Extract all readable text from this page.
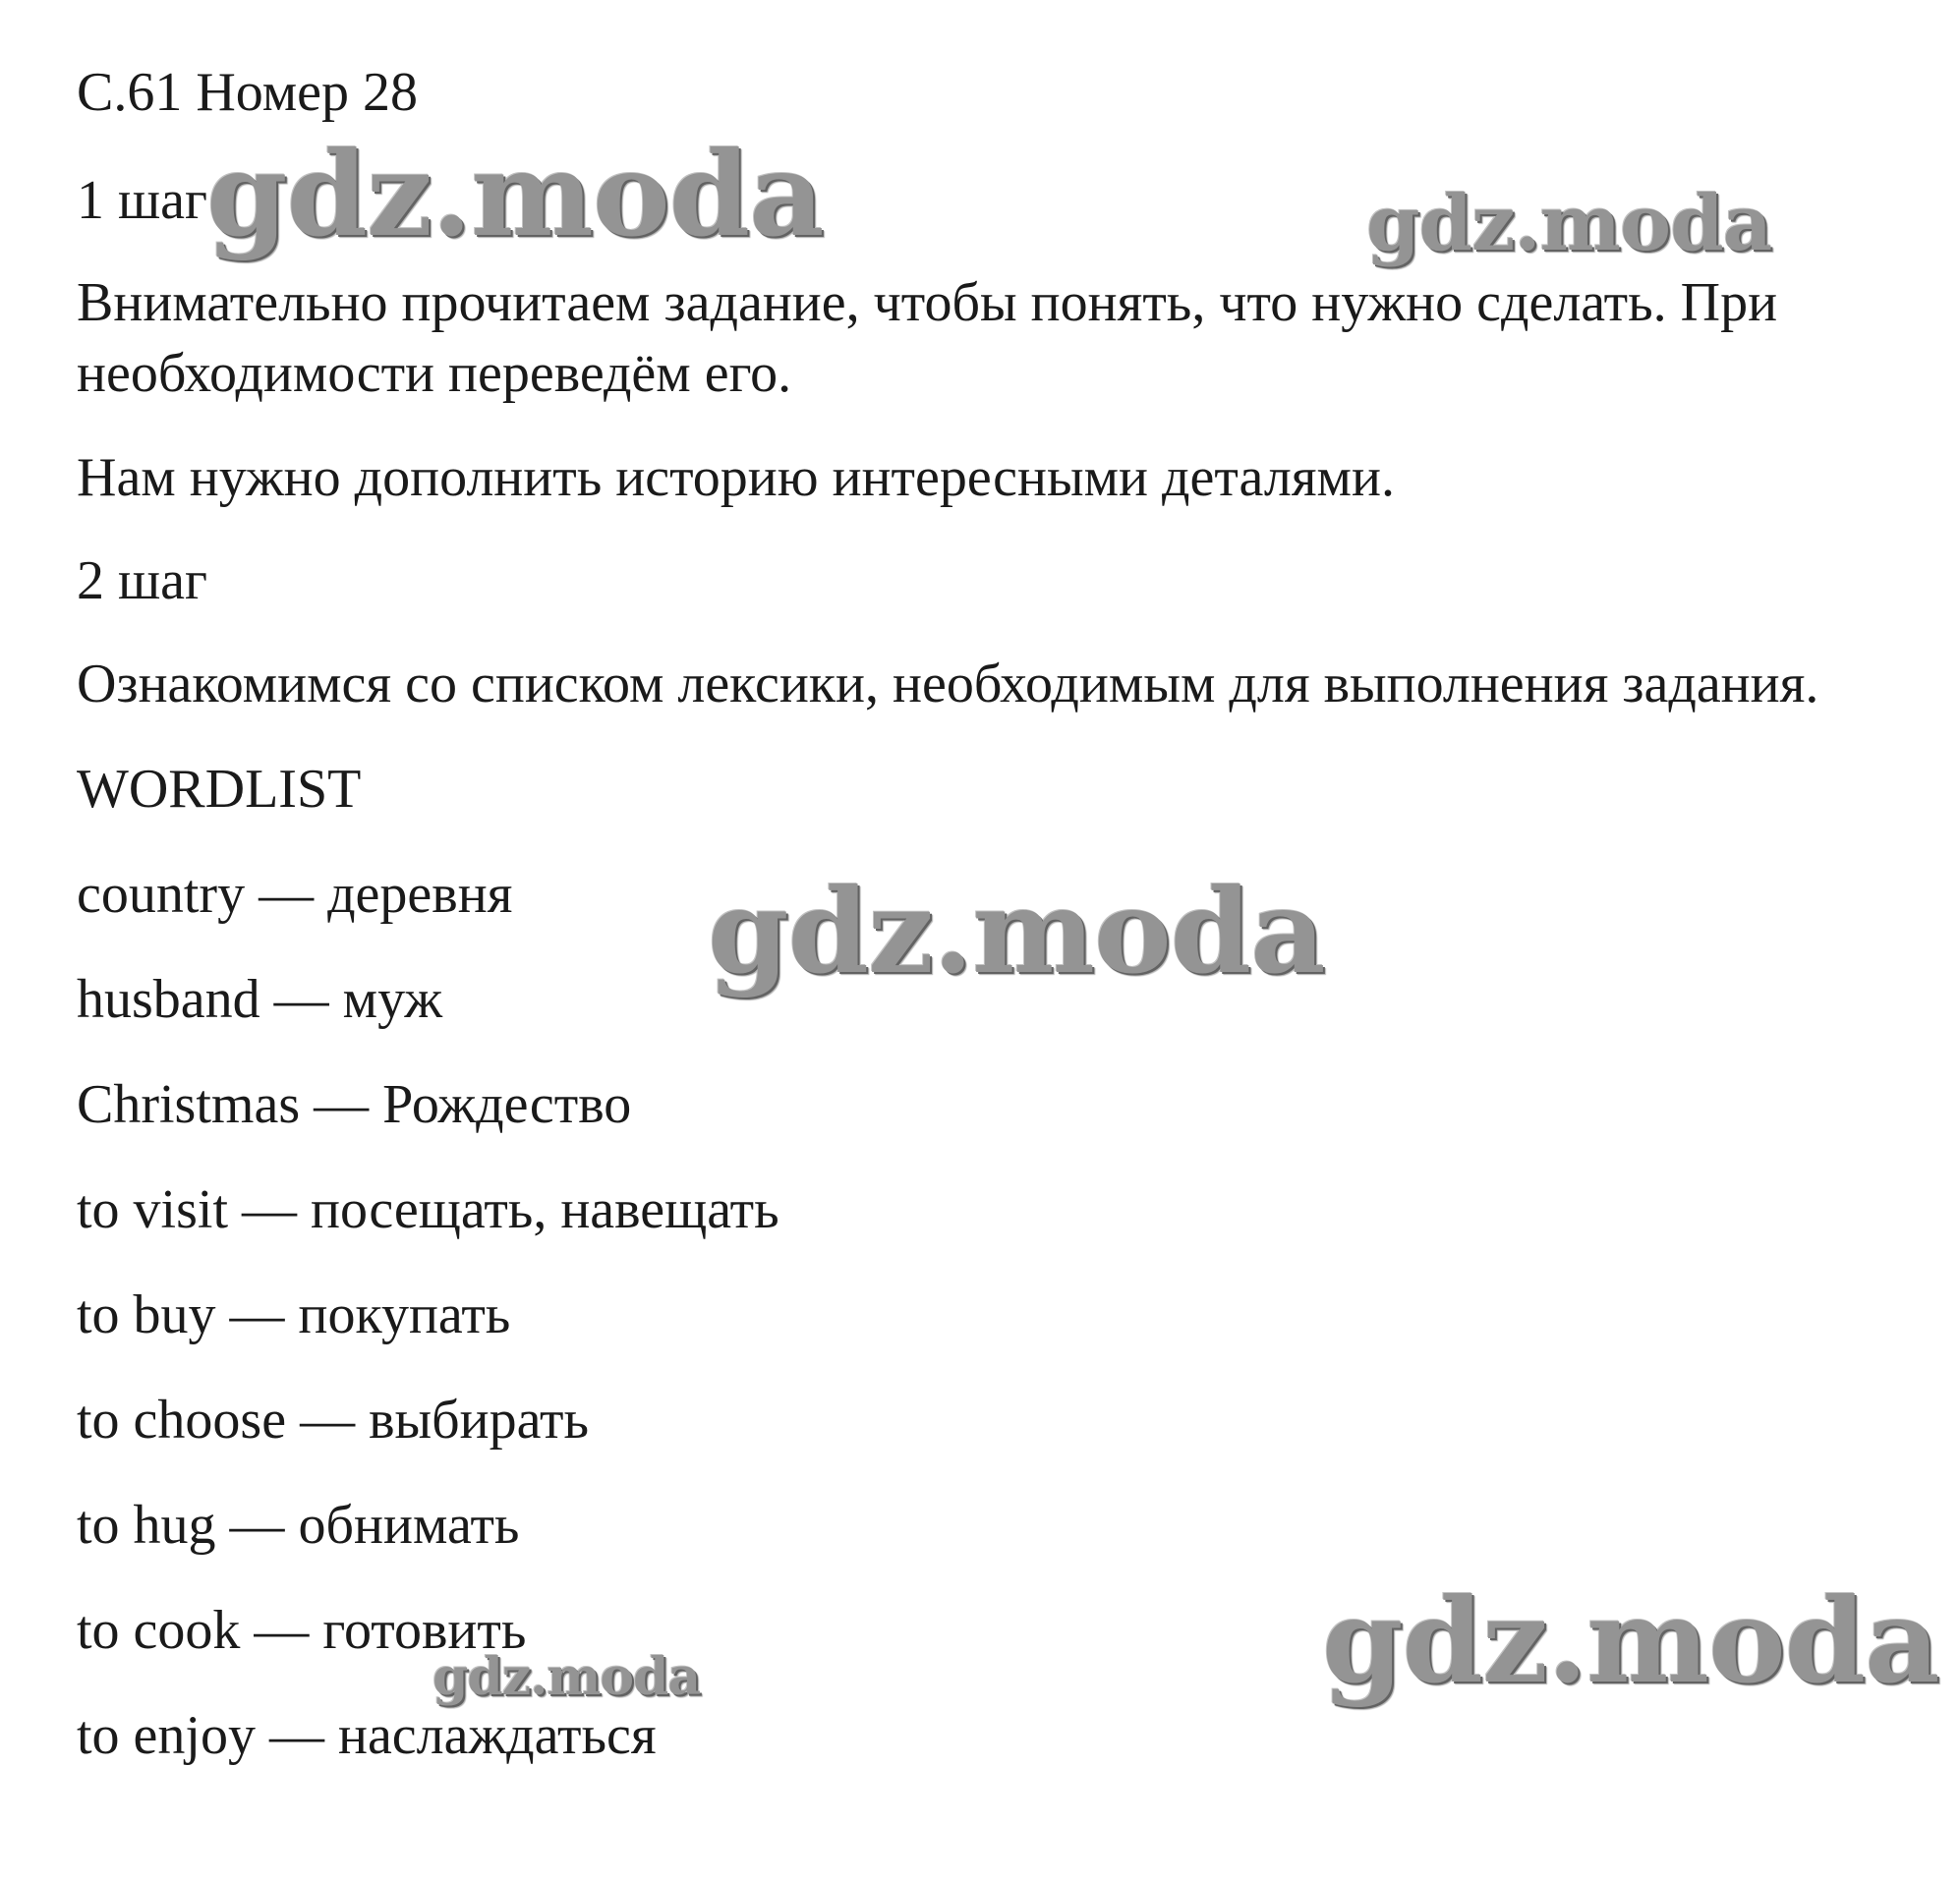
С.61 Номер 28
1 шаг
Внимательно прочитаем задание, чтобы понять, что нужно сделать. При необходимости переведём его.
Нам нужно дополнить историю интересными деталями.
2 шаг
Ознакомимся со списком лексики, необходимым для выполнения задания.
WORDLIST
country — деревня
husband — муж
Christmas — Рождество
to visit — посещать, навещать
to buy — покупать
to choose — выбирать
to hug — обнимать
to cook — готовить
to enjoy — наслаждаться
gdz.moda	gdz.moda
gdz.moda
gdz.moda	gdz.moda
